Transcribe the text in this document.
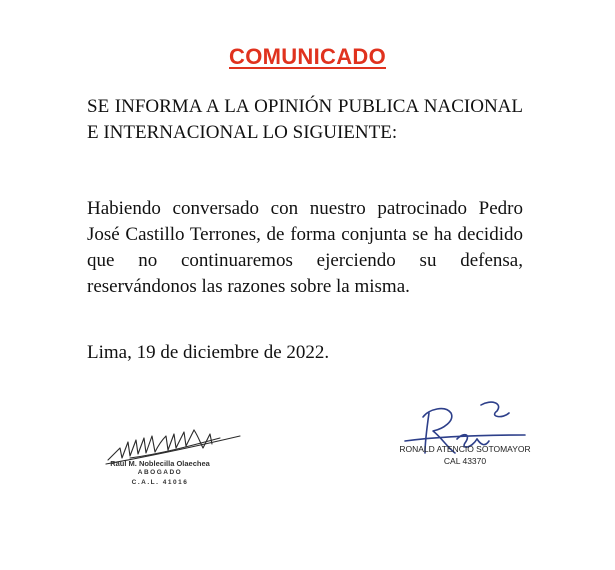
COMUNICADO
SE INFORMA A LA OPINIÓN PUBLICA NACIONAL E INTERNACIONAL LO SIGUIENTE:
Habiendo conversado con nuestro patrocinado Pedro José Castillo Terrones, de forma conjunta se ha decidido que no continuaremos ejerciendo su defensa, reservándonos las razones sobre la misma.
Lima, 19 de diciembre de 2022.
Raúl M. Noblecilla Olaechea
ABOGADO
C.A.L. 41016
RONALD ATENCIO SOTOMAYOR
CAL 43370
